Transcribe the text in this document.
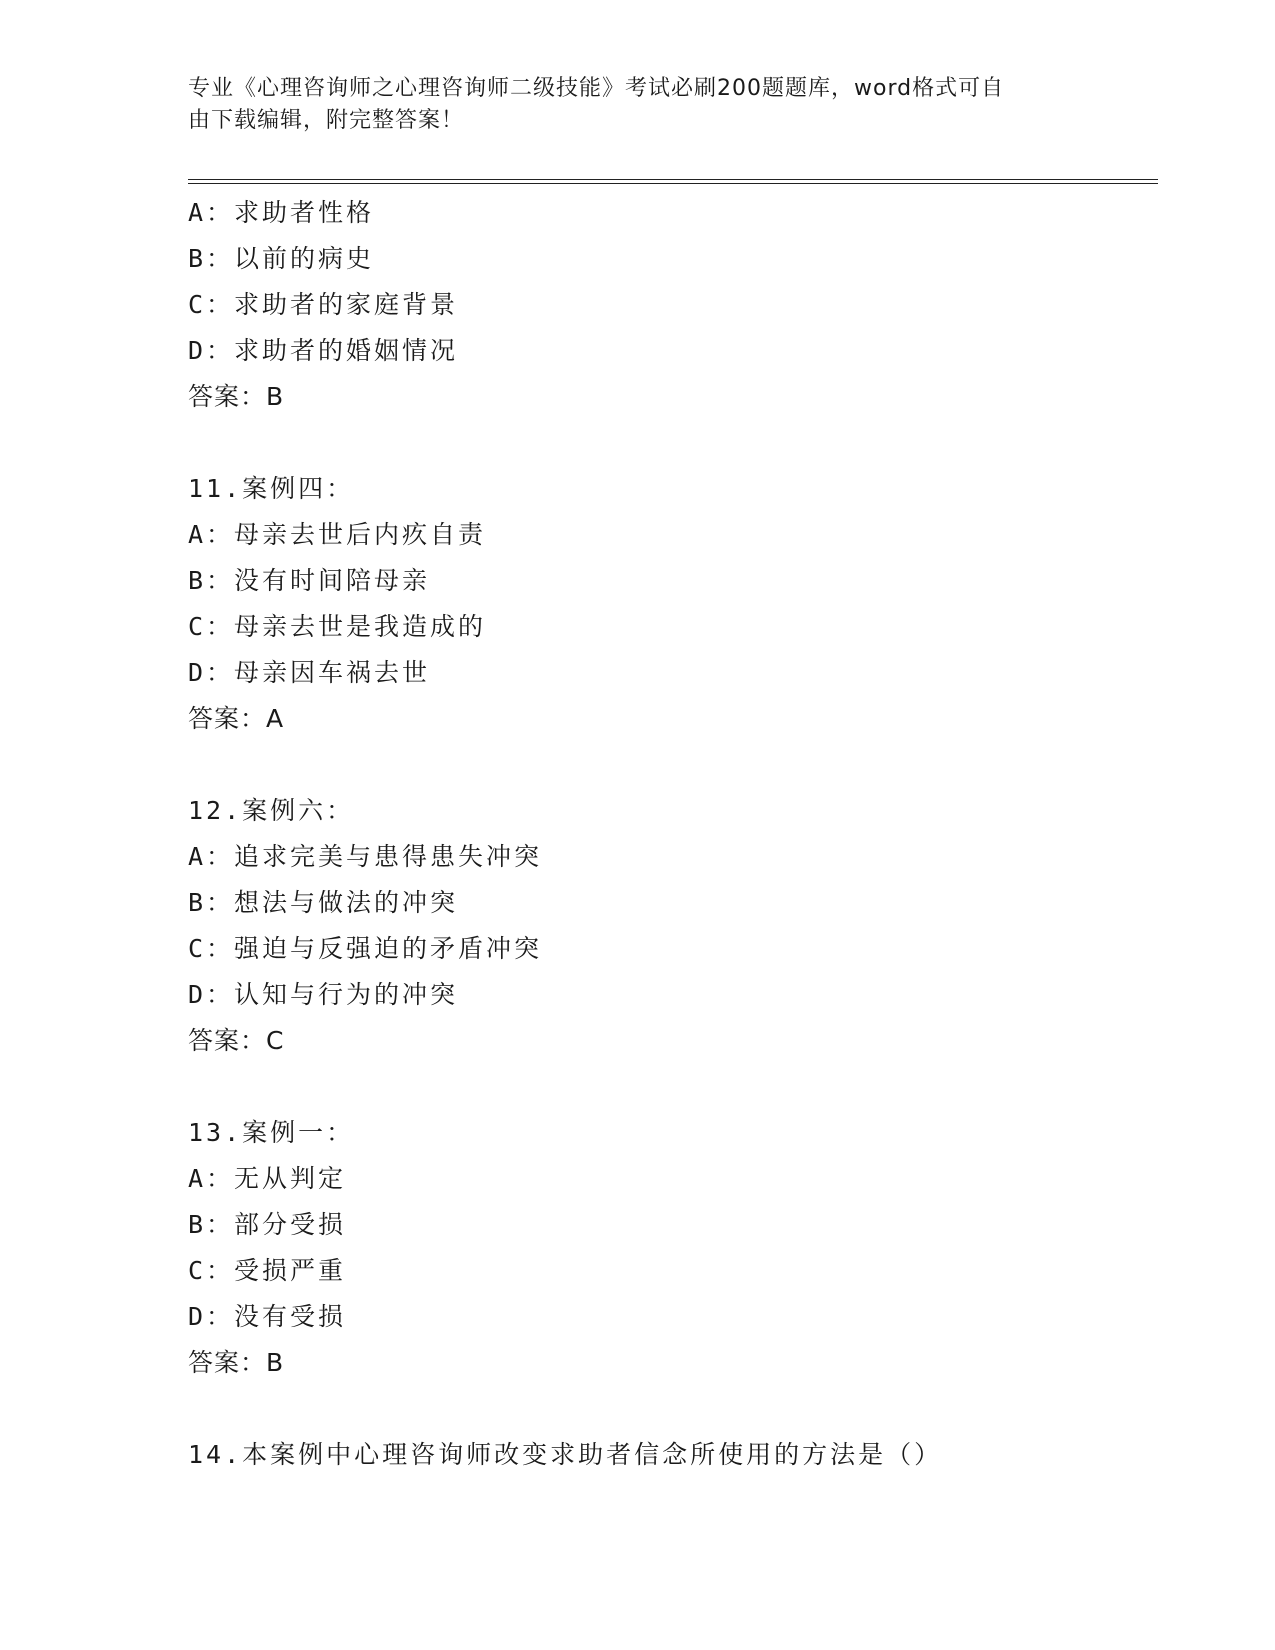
专业《心理咨询师之心理咨询师二级技能》考试必刷200题题库，word格式可自
由下载编辑，附完整答案！
A：求助者性格
B：以前的病史
C：求助者的家庭背景
D：求助者的婚姻情况
答案：B
11.案例四：
A：母亲去世后内疚自责
B：没有时间陪母亲
C：母亲去世是我造成的
D：母亲因车祸去世
答案：A
12.案例六：
A：追求完美与患得患失冲突
B：想法与做法的冲突
C：强迫与反强迫的矛盾冲突
D：认知与行为的冲突
答案：C
13.案例一：
A：无从判定
B：部分受损
C：受损严重
D：没有受损
答案：B
14.本案例中心理咨询师改变求助者信念所使用的方法是（）
